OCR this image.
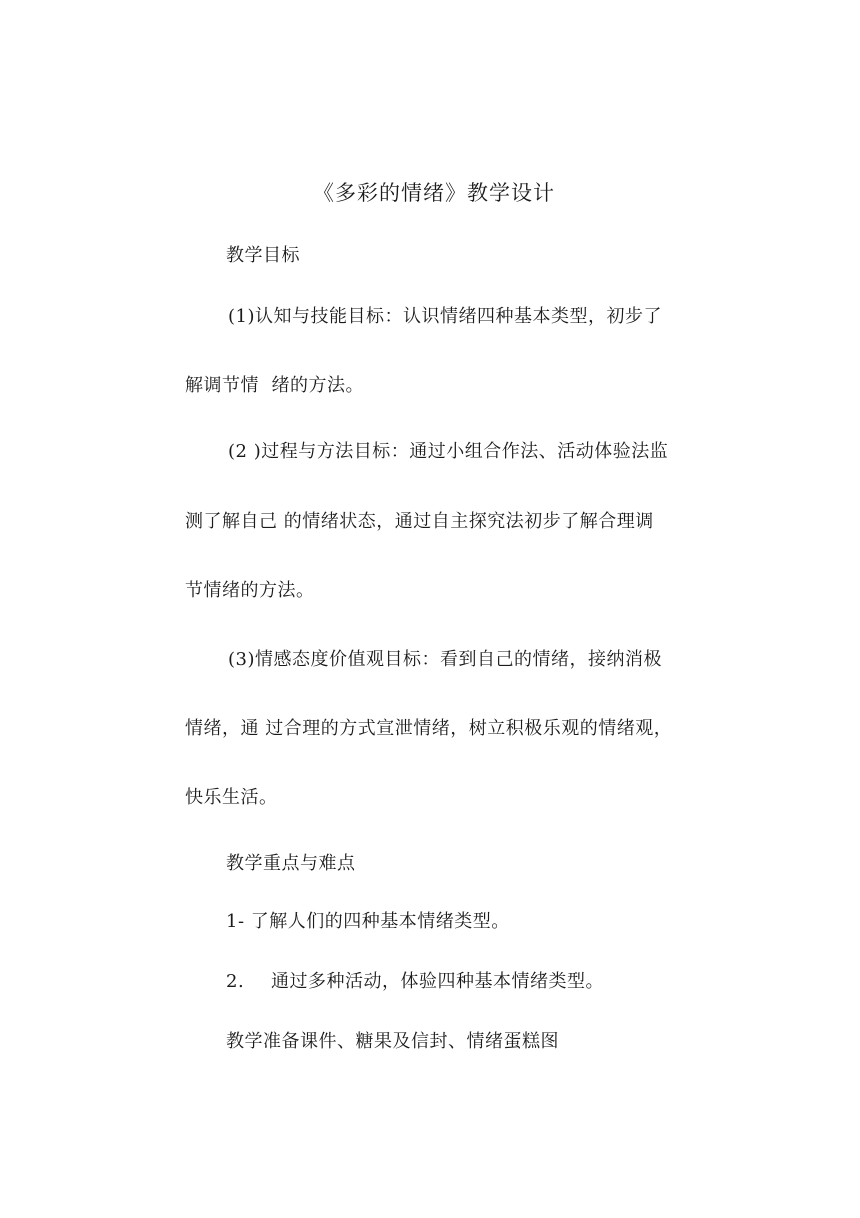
《多彩的情绪》教学设计
教学目标
(1)认知与技能目标：认识情绪四种基本类型，初步了
解调节情  绪的方法。
(2 )过程与方法目标：通过小组合作法、活动体验法监
测了解自己 的情绪状态，通过自主探究法初步了解合理调
节情绪的方法。
(3)情感态度价值观目标：看到自己的情绪，接纳消极
情绪，通 过合理的方式宣泄情绪，树立积极乐观的情绪观，
快乐生活。
教学重点与难点
1- 了解人们的四种基本情绪类型。
2. 通过多种活动，体验四种基本情绪类型。
教学准备课件、糖果及信封、情绪蛋糕图
